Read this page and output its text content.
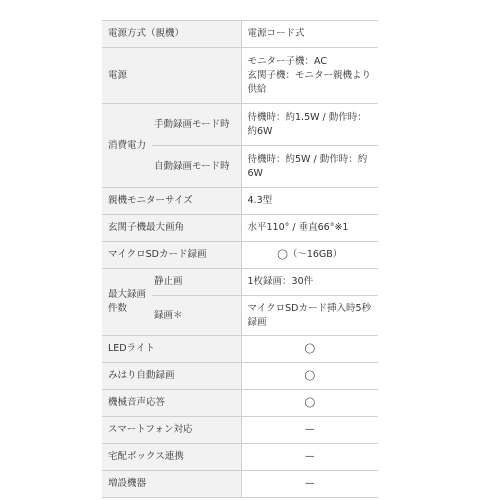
電源方式（親機）		電源コード式
電源		モニター子機：AC
玄関子機：モニター親機より供給

消費電力	手動録画モード時	待機時：約1.5W / 動作時：約6W
	自動録画モード時	待機時：約5W / 動作時：約6W
親機モニターサイズ		4.3型
玄関子機最大画角		水平110° / 垂直66°※1
マイクロSDカード録画		◯（〜16GB）
最大録画件数	静止画	1枚録画：30件
	録画＊	マイクロSDカード挿入時5秒録画
LEDライト		◯
みはり自動録画		◯
機械音声応答		◯
スマートフォン対応		—
宅配ボックス連携		—
増設機器		—
